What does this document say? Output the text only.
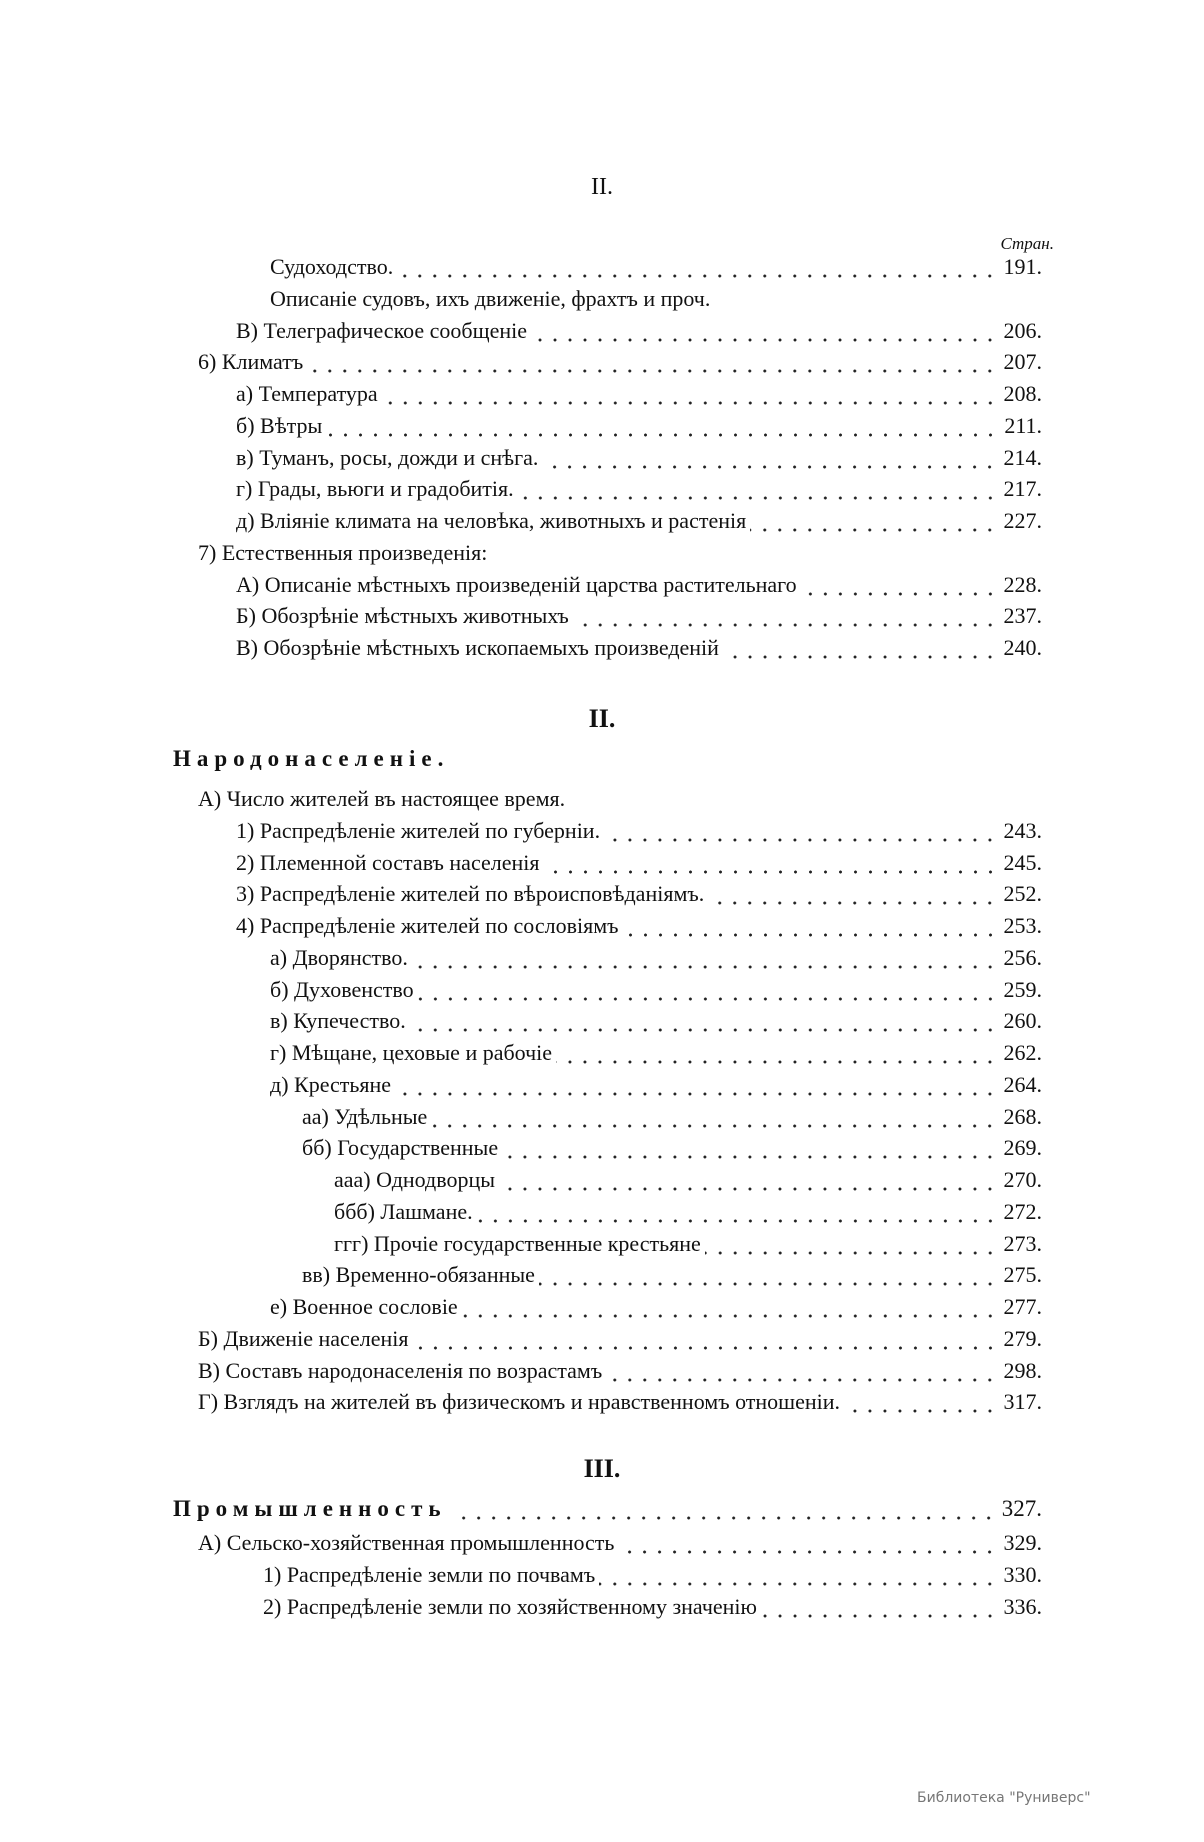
II.
Стран.
Судоходство.	191.
Описаніе судовъ, ихъ движеніе, фрахтъ и проч.
В) Телеграфическое сообщеніе	206.
6) Климатъ	207.
а) Температура	208.
б) Вѣтры	211.
в) Туманъ, росы, дожди и снѣга.	214.
г) Грады, вьюги и градобитія.	217.
д) Вліяніе климата на человѣка, животныхъ и растенія	227.
7) Естественныя произведенія:
А) Описаніе мѣстныхъ произведеній царства растительнаго	228.
Б) Обозрѣніе мѣстныхъ животныхъ	237.
В) Обозрѣніе мѣстныхъ ископаемыхъ произведеній	240.
II.
Народонаселеніе.
А) Число жителей въ настоящее время.
1) Распредѣленіе жителей по губерніи.	243.
2) Племенной составъ населенія	245.
3) Распредѣленіе жителей по вѣроисповѣданіямъ.	252.
4) Распредѣленіе жителей по сословіямъ	253.
а) Дворянство.	256.
б) Духовенство	259.
в) Купечество.	260.
г) Мѣщане, цеховые и рабочіе	262.
д) Крестьяне	264.
аа) Удѣльные	268.
бб) Государственные	269.
ааа) Однодворцы	270.
ббб) Лашмане.	272.
ггг) Прочіе государственные крестьяне	273.
вв) Временно-обязанные	275.
е) Военное сословіе	277.
Б) Движеніе населенія	279.
В) Составъ народонаселенія по возрастамъ	298.
Г) Взглядъ на жителей въ физическомъ и нравственномъ отношеніи.	317.
III.
Промышленность	327.
А) Сельско-хозяйственная промышленность	329.
1) Распредѣленіе земли по почвамъ	330.
2) Распредѣленіе земли по хозяйственному значенію	336.
Библиотека "Руниверс"
